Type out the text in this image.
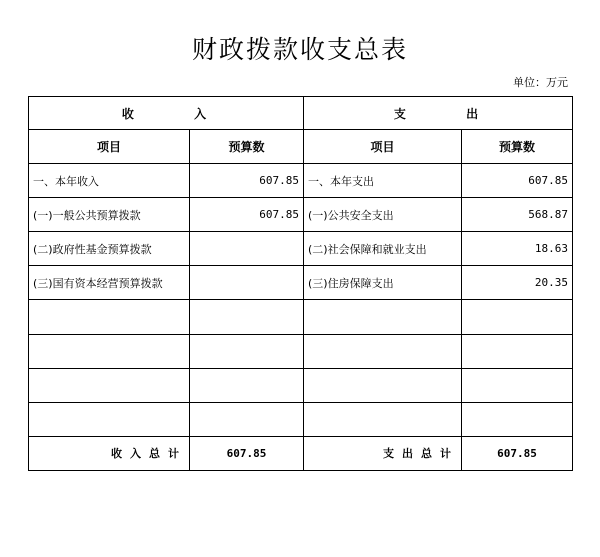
财政拨款收支总表
单位：万元
收 入		支 出	
项目	预算数	项目	预算数
一、本年收入	607.85	一、本年支出	607.85
(一)一般公共预算拨款	607.85	(一)公共安全支出	568.87
(二)政府性基金预算拨款		(二)社会保障和就业支出	18.63
(三)国有资本经营预算拨款		(三)住房保障支出	20.35

收入总计	607.85	支出总计	607.85
